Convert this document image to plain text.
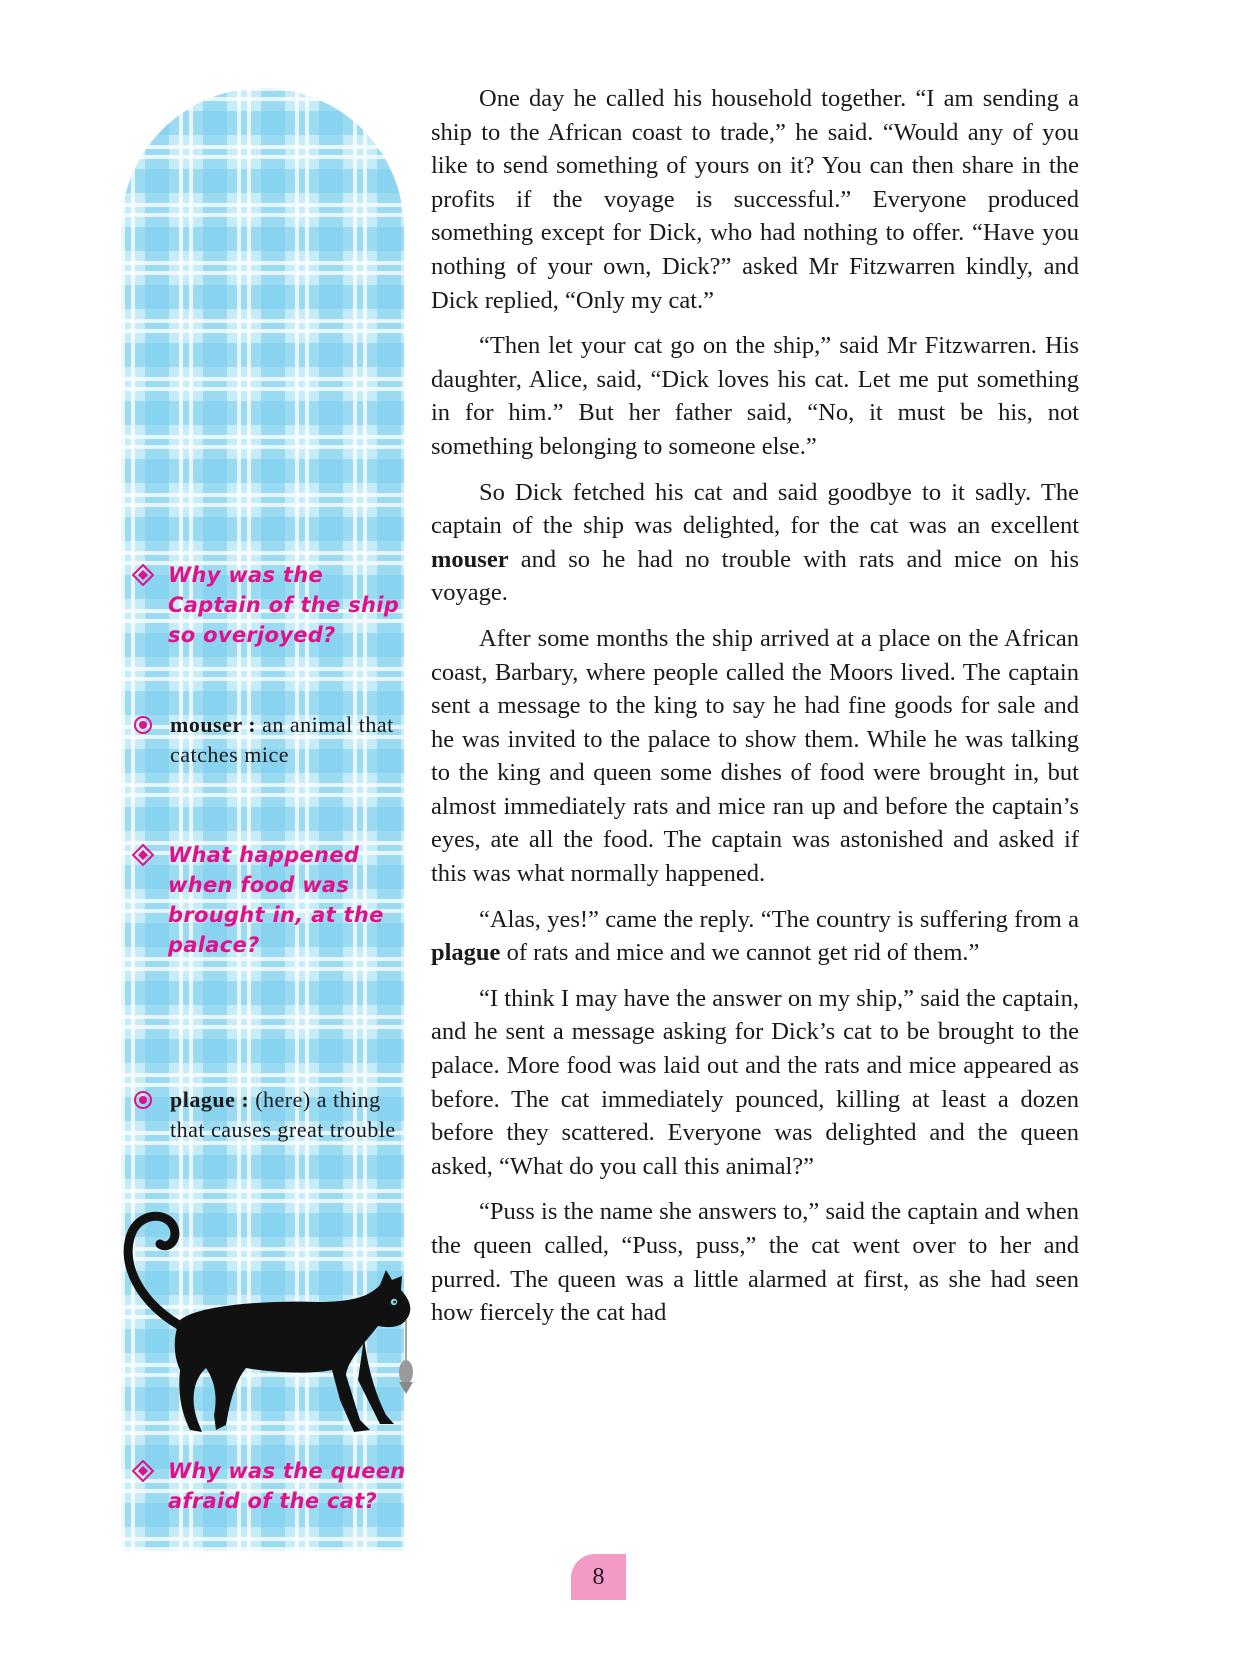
Why was the Captain of the ship so overjoyed?
mouser : an animal that catches mice
What happened when food was brought in, at the palace?
plague : (here) a thing that causes great trouble
Why was the queen afraid of the cat?

One day he called his household together. “I am sending a ship to the African coast to trade,” he said. “Would any of you like to send something of yours on it? You can then share in the profits if the voyage is successful.” Everyone produced something except for Dick, who had nothing to offer. “Have you nothing of your own, Dick?” asked Mr Fitzwarren kindly, and Dick replied, “Only my cat.”

“Then let your cat go on the ship,” said Mr Fitzwarren. His daughter, Alice, said, “Dick loves his cat. Let me put something in for him.” But her father said, “No, it must be his, not something belonging to someone else.”

So Dick fetched his cat and said goodbye to it sadly. The captain of the ship was delighted, for the cat was an excellent mouser and so he had no trouble with rats and mice on his voyage.

After some months the ship arrived at a place on the African coast, Barbary, where people called the Moors lived. The captain sent a message to the king to say he had fine goods for sale and he was invited to the palace to show them. While he was talking to the king and queen some dishes of food were brought in, but almost immediately rats and mice ran up and before the captain’s eyes, ate all the food. The captain was astonished and asked if this was what normally happened.

“Alas, yes!” came the reply. “The country is suffering from a plague of rats and mice and we cannot get rid of them.”

“I think I may have the answer on my ship,” said the captain, and he sent a message asking for Dick’s cat to be brought to the palace. More food was laid out and the rats and mice appeared as before. The cat immediately pounced, killing at least a dozen before they scattered. Everyone was delighted and the queen asked, “What do you call this animal?”

“Puss is the name she answers to,” said the captain and when the queen called, “Puss, puss,” the cat went over to her and purred. The queen was a little alarmed at first, as she had seen how fiercely the cat had

8
